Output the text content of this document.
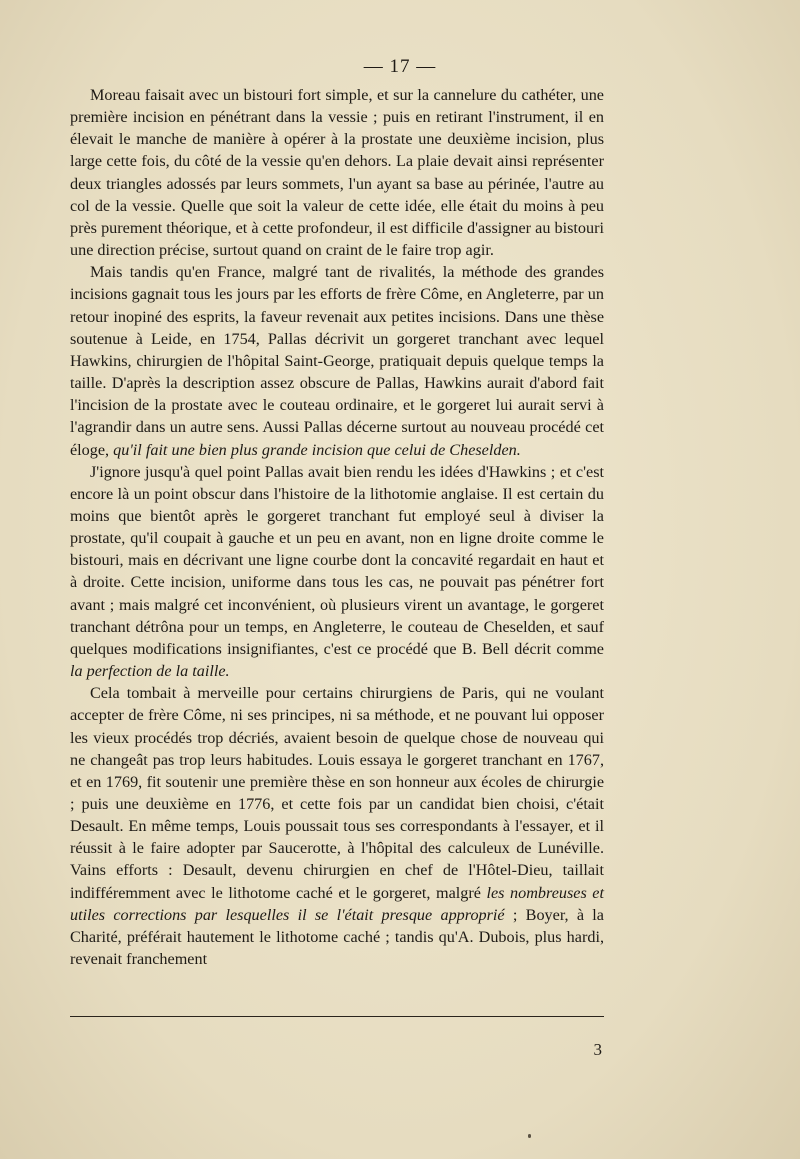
— 17 —

Moreau faisait avec un bistouri fort simple, et sur la cannelure du cathéter, une première incision en pénétrant dans la vessie ; puis en retirant l'instrument, il en élevait le manche de manière à opérer à la prostate une deuxième incision, plus large cette fois, du côté de la vessie qu'en dehors. La plaie devait ainsi représenter deux triangles adossés par leurs sommets, l'un ayant sa base au périnée, l'autre au col de la vessie. Quelle que soit la valeur de cette idée, elle était du moins à peu près purement théorique, et à cette profondeur, il est difficile d'assigner au bistouri une direction précise, surtout quand on craint de le faire trop agir.

Mais tandis qu'en France, malgré tant de rivalités, la méthode des grandes incisions gagnait tous les jours par les efforts de frère Côme, en Angleterre, par un retour inopiné des esprits, la faveur revenait aux petites incisions. Dans une thèse soutenue à Leide, en 1754, Pallas décrivit un gorgeret tranchant avec lequel Hawkins, chirurgien de l'hôpital Saint-George, pratiquait depuis quelque temps la taille. D'après la description assez obscure de Pallas, Hawkins aurait d'abord fait l'incision de la prostate avec le couteau ordinaire, et le gorgeret lui aurait servi à l'agrandir dans un autre sens. Aussi Pallas décerne surtout au nouveau procédé cet éloge, qu'il fait une bien plus grande incision que celui de Cheselden.

J'ignore jusqu'à quel point Pallas avait bien rendu les idées d'Hawkins ; et c'est encore là un point obscur dans l'histoire de la lithotomie anglaise. Il est certain du moins que bientôt après le gorgeret tranchant fut employé seul à diviser la prostate, qu'il coupait à gauche et un peu en avant, non en ligne droite comme le bistouri, mais en décrivant une ligne courbe dont la concavité regardait en haut et à droite. Cette incision, uniforme dans tous les cas, ne pouvait pas pénétrer fort avant ; mais malgré cet inconvénient, où plusieurs virent un avantage, le gorgeret tranchant détrôna pour un temps, en Angleterre, le couteau de Cheselden, et sauf quelques modifications insignifiantes, c'est ce procédé que B. Bell décrit comme la perfection de la taille.

Cela tombait à merveille pour certains chirurgiens de Paris, qui ne voulant accepter de frère Côme, ni ses principes, ni sa méthode, et ne pouvant lui opposer les vieux procédés trop décriés, avaient besoin de quelque chose de nouveau qui ne changeât pas trop leurs habitudes. Louis essaya le gorgeret tranchant en 1767, et en 1769, fit soutenir une première thèse en son honneur aux écoles de chirurgie ; puis une deuxième en 1776, et cette fois par un candidat bien choisi, c'était Desault. En même temps, Louis poussait tous ses correspondants à l'essayer, et il réussit à le faire adopter par Saucerotte, à l'hôpital des calculeux de Lunéville. Vains efforts : Desault, devenu chirurgien en chef de l'Hôtel-Dieu, taillait indifféremment avec le lithotome caché et le gorgeret, malgré les nombreuses et utiles corrections par lesquelles il se l'était presque approprié ; Boyer, à la Charité, préférait hautement le lithotome caché ; tandis qu'A. Dubois, plus hardi, revenait franchement

3
